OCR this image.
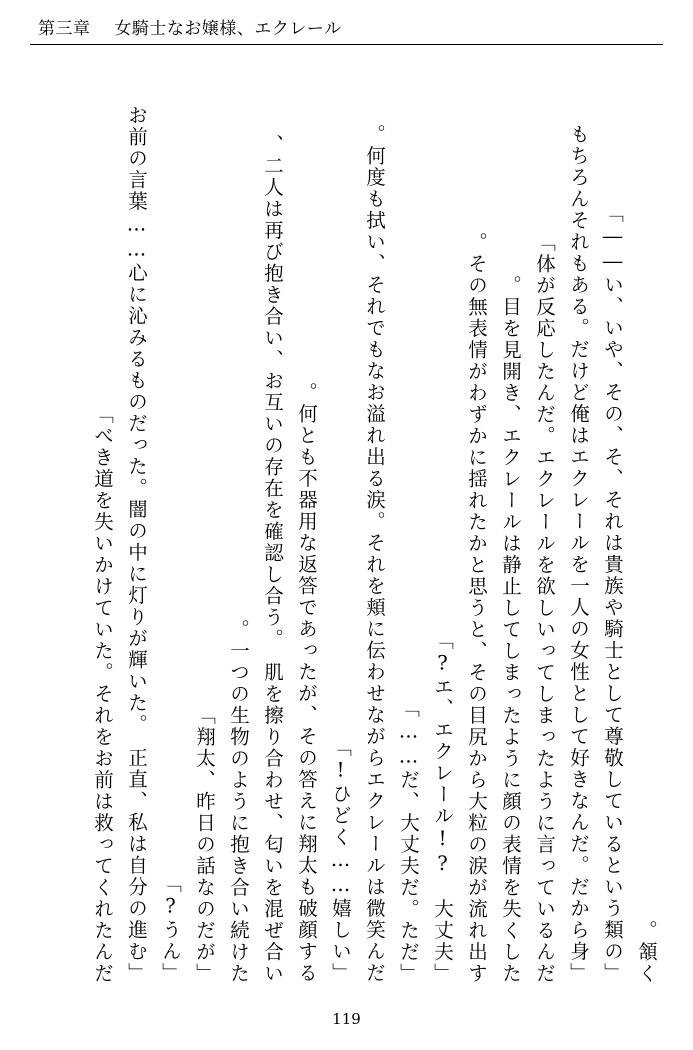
第三章 女騎士なお嬢様、エクレール

頷く。

「い、いや、その、そ、それは貴族や騎士として尊敬しているという類の――」

「もちろんそれもある。だけど俺はエクレールを一人の女性として好きなんだ。だから身

体が反応したんだ。エクレールを欲しいってしまったように言っているんだ」

目を見開き、エクレールは静止してしまったように顔の表情を失くした。

その無表情がわずかに揺れたかと思うと、その目尻から大粒の涙が流れ出す。

「エ、エクレール!?　大丈夫?」

「だ、大丈夫だ。ただ……」

何度も拭い、それでもなお溢れ出る涙。それを頬に伝わせながらエクレールは微笑んだ。

「ひどく……嬉しい!」

何とも不器用な返答であったが、その答えに翔太も破顔する。

二人は再び抱き合い、お互いの存在を確認し合う。　肌を擦り合わせ、匂いを混ぜ合い、

一つの生物のように抱き合い続けた。

「翔太、昨日の話なのだが」

「うん?」

「お前の言葉……心に沁みるものだった。闇の中に灯りが輝いた。　正直、私は自分の進む

べき道を失いかけていた。それをお前は救ってくれたんだ」

119
